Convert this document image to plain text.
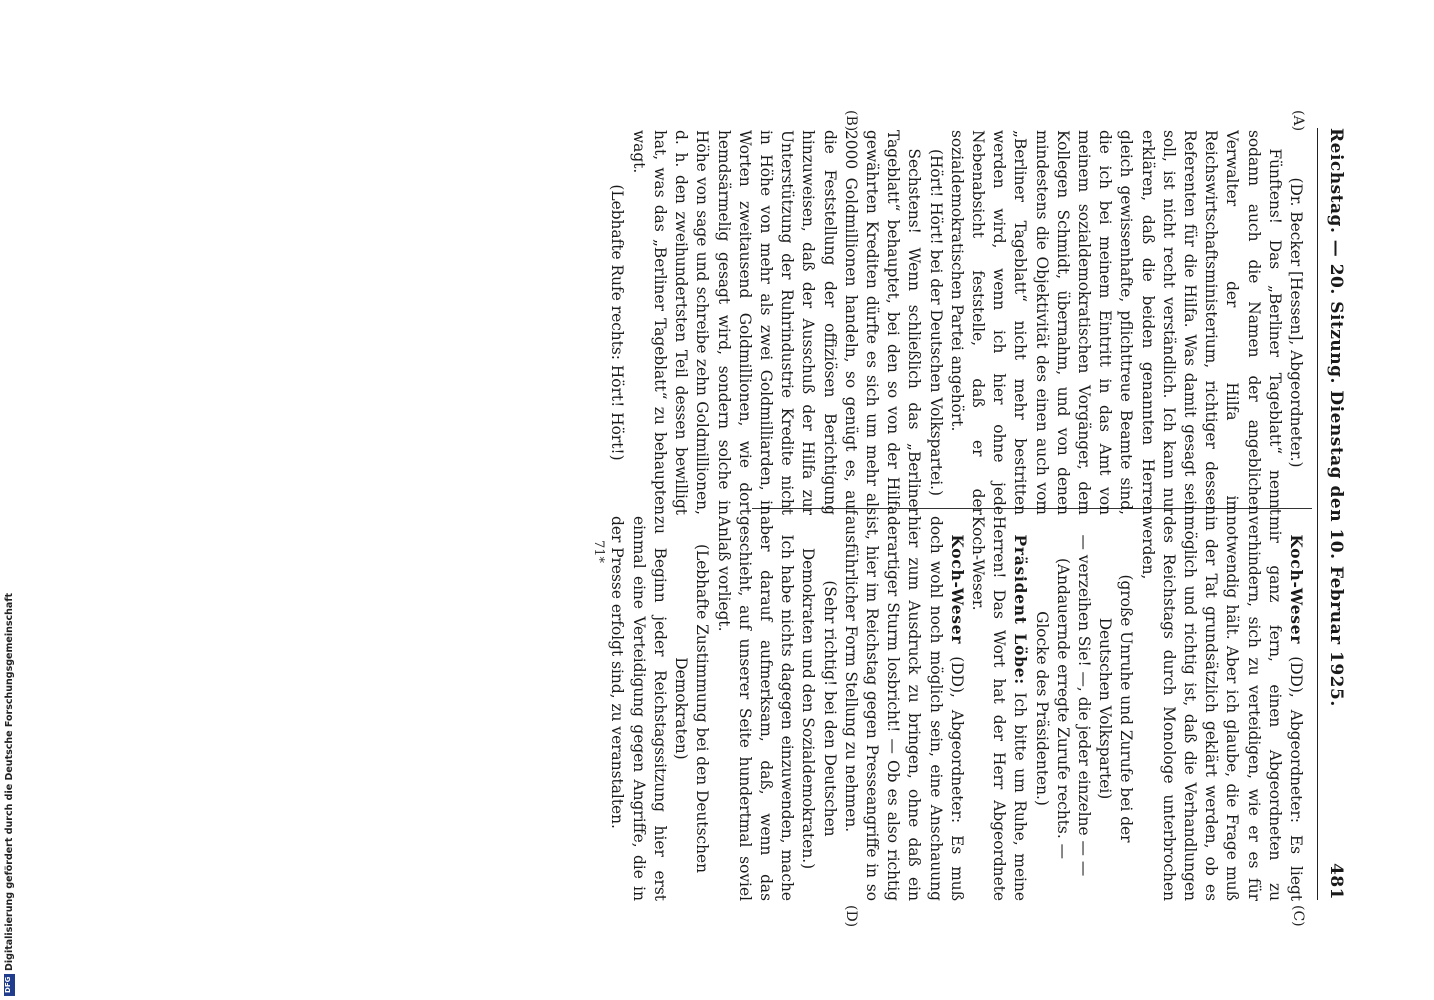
Reichstag. — 20. Sitzung. Dienstag den 10. Februar 1925.
481
(A)
(B)
(C)
(D)

(Dr. Becker [Hessen], Abgeordneter.)

Fünftens! Das „Berliner Tageblatt“ nennt sodann auch die Namen der angeblichen Verwalter der Hilfa im Reichswirtschaftsministerium, richtiger dessen Referenten für die Hilfa. Was damit gesagt sein soll, ist nicht recht verständlich. Ich kann nur erklären, daß die beiden genannten Herren gleich gewissenhafte, pflichttreue Beamte sind, die ich bei meinem Eintritt in das Amt von meinem sozialdemokratischen Vorgänger, dem Kollegen Schmidt, übernahm, und von denen mindestens die Objektivität des einen auch vom „Berliner Tageblatt“ nicht mehr bestritten werden wird, wenn ich hier ohne jede Nebenabsicht feststelle, daß er der sozialdemokratischen Partei angehört.

(Hört! Hört! bei der Deutschen Volkspartei.)

Sechstens! Wenn schließlich das „Berliner Tageblatt“ behauptet, bei den so von der Hilfa gewährten Krediten dürfte es sich um mehr als 2000 Goldmillionen handeln, so genügt es, auf die Feststellung der offiziösen Berichtigung hinzuweisen, daß der Ausschuß der Hilfa zur Unterstützung der Ruhrindustrie Kredite nicht in Höhe von mehr als zwei Goldmilliarden, in Worten zweitausend Goldmillionen, wie dort hemdsärmelig gesagt wird, sondern solche in Höhe von sage und schreibe zehn Goldmillionen, d. h. den zweihundertsten Teil dessen bewilligt hat, was das „Berliner Tageblatt“ zu behaupten wagt.

(Lebhafte Rufe rechts: Hört! Hört!)

Koch-Weser (DD), Abgeordneter: Es liegt mir ganz fern, einen Abgeordneten zu verhindern, sich zu verteidigen, wie er es für notwendig hält. Aber ich glaube, die Frage muß in der Tat grundsätzlich geklärt werden, ob es möglich und richtig ist, daß die Verhandlungen des Reichstags durch Monologe unterbrochen werden,

(große Unruhe und Zurufe bei der Deutschen Volkspartei)

— verzeihen Sie! —, die jeder einzelne — —

(Andauernde erregte Zurufe rechts. — Glocke des Präsidenten.)

Präsident Löbe: Ich bitte um Ruhe, meine Herren! Das Wort hat der Herr Abgeordnete Koch-Weser.

Koch-Weser (DD), Abgeordneter: Es muß doch wohl noch möglich sein, eine Anschauung hier zum Ausdruck zu bringen, ohne daß ein derartiger Sturm losbricht! — Ob es also richtig ist, hier im Reichstag gegen Presseangriffe in so ausführlicher Form Stellung zu nehmen.

(Sehr richtig! bei den Deutschen Demokraten und den Sozialdemokraten.)

Ich habe nichts dagegen einzuwenden, mache aber darauf aufmerksam, daß, wenn das geschieht, auf unserer Seite hundertmal soviel Anlaß vorliegt.

(Lebhafte Zustimmung bei den Deutschen Demokraten)

zu Beginn jeder Reichstagssitzung hier erst einmal eine Verteidigung gegen Angriffe, die in der Presse erfolgt sind, zu veranstalten.

71*
DFG
Digitalisierung gefördert durch die Deutsche Forschungsgemeinschaft
